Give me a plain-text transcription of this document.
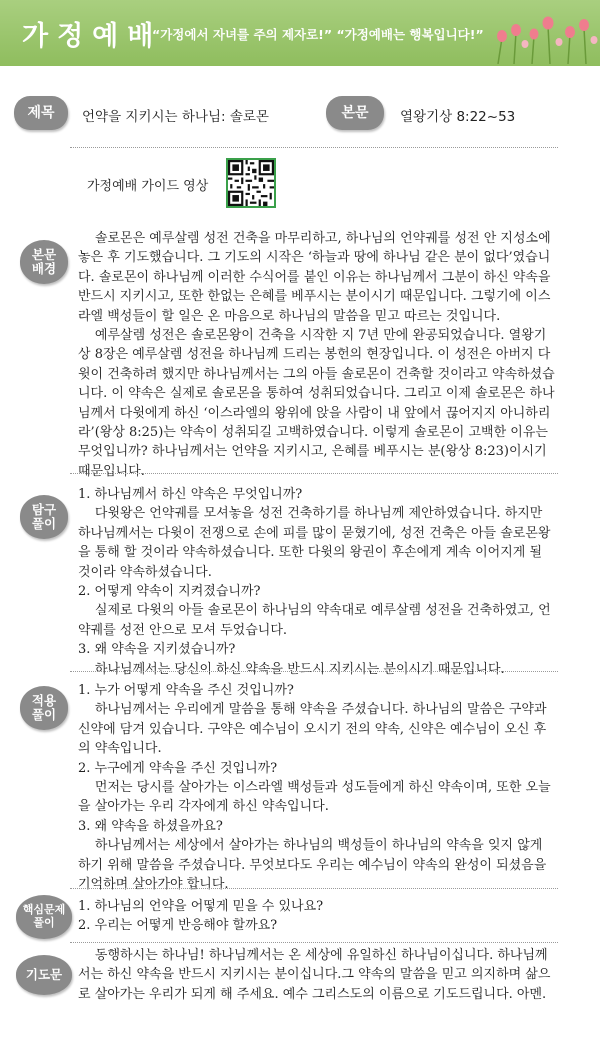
가정예배
“가정에서 자녀를 주의 제자로!” “가정예배는 행복입니다!”
제목 언약을 지키시는 하나님: 솔로몬	본문 열왕기상 8:22~53
가정예배 가이드 영상
본문
배경

솔로몬은 예루살렘 성전 건축을 마무리하고, 하나님의 언약궤를 성전 안 지성소에 놓은 후 기도했습니다. 그 기도의 시작은 ‘하늘과 땅에 하나님 같은 분이 없다’였습니다. 솔로몬이 하나님께 이러한 수식어를 붙인 이유는 하나님께서 그분이 하신 약속을 반드시 지키시고, 또한 한없는 은혜를 베푸시는 분이시기 때문입니다. 그렇기에 이스라엘 백성들이 할 일은 온 마음으로 하나님의 말씀을 믿고 따르는 것입니다.

예루살렘 성전은 솔로몬왕이 건축을 시작한 지 7년 만에 완공되었습니다. 열왕기상 8장은 예루살렘 성전을 하나님께 드리는 봉헌의 현장입니다. 이 성전은 아버지 다윗이 건축하려 했지만 하나님께서는 그의 아들 솔로몬이 건축할 것이라고 약속하셨습니다. 이 약속은 실제로 솔로몬을 통하여 성취되었습니다. 그리고 이제 솔로몬은 하나님께서 다윗에게 하신 ‘이스라엘의 왕위에 앉을 사람이 내 앞에서 끊어지지 아니하리라’(왕상 8:25)는 약속이 성취되길 고백하였습니다. 이렇게 솔로몬이 고백한 이유는 무엇입니까? 하나님께서는 언약을 지키시고, 은혜를 베푸시는 분(왕상 8:23)이시기 때문입니다.

탐구
풀이

1. 하나님께서 하신 약속은 무엇입니까?

다윗왕은 언약궤를 모셔놓을 성전 건축하기를 하나님께 제안하였습니다. 하지만 하나님께서는 다윗이 전쟁으로 손에 피를 많이 묻혔기에, 성전 건축은 아들 솔로몬왕을 통해 할 것이라 약속하셨습니다. 또한 다윗의 왕권이 후손에게 계속 이어지게 될 것이라 약속하셨습니다.

2. 어떻게 약속이 지켜졌습니까?

실제로 다윗의 아들 솔로몬이 하나님의 약속대로 예루살렘 성전을 건축하였고, 언약궤를 성전 안으로 모셔 두었습니다.

3. 왜 약속을 지키셨습니까?

하나님께서는 당신이 하신 약속을 반드시 지키시는 분이시기 때문입니다.

적용
풀이

1. 누가 어떻게 약속을 주신 것입니까?

하나님께서는 우리에게 말씀을 통해 약속을 주셨습니다. 하나님의 말씀은 구약과 신약에 담겨 있습니다. 구약은 예수님이 오시기 전의 약속, 신약은 예수님이 오신 후의 약속입니다.

2. 누구에게 약속을 주신 것입니까?

먼저는 당시를 살아가는 이스라엘 백성들과 성도들에게 하신 약속이며, 또한 오늘을 살아가는 우리 각자에게 하신 약속입니다.

3. 왜 약속을 하셨을까요?

하나님께서는 세상에서 살아가는 하나님의 백성들이 하나님의 약속을 잊지 않게 하기 위해 말씀을 주셨습니다. 무엇보다도 우리는 예수님이 약속의 완성이 되셨음을 기억하며 살아가야 합니다.

핵심문제
풀이

1. 하나님의 언약을 어떻게 믿을 수 있나요?

2. 우리는 어떻게 반응해야 할까요?

기도문

동행하시는 하나님! 하나님께서는 온 세상에 유일하신 하나님이십니다. 하나님께서는 하신 약속을 반드시 지키시는 분이십니다.그 약속의 말씀을 믿고 의지하며 삶으로 살아가는 우리가 되게 해 주세요. 예수 그리스도의 이름으로 기도드립니다. 아멘.
